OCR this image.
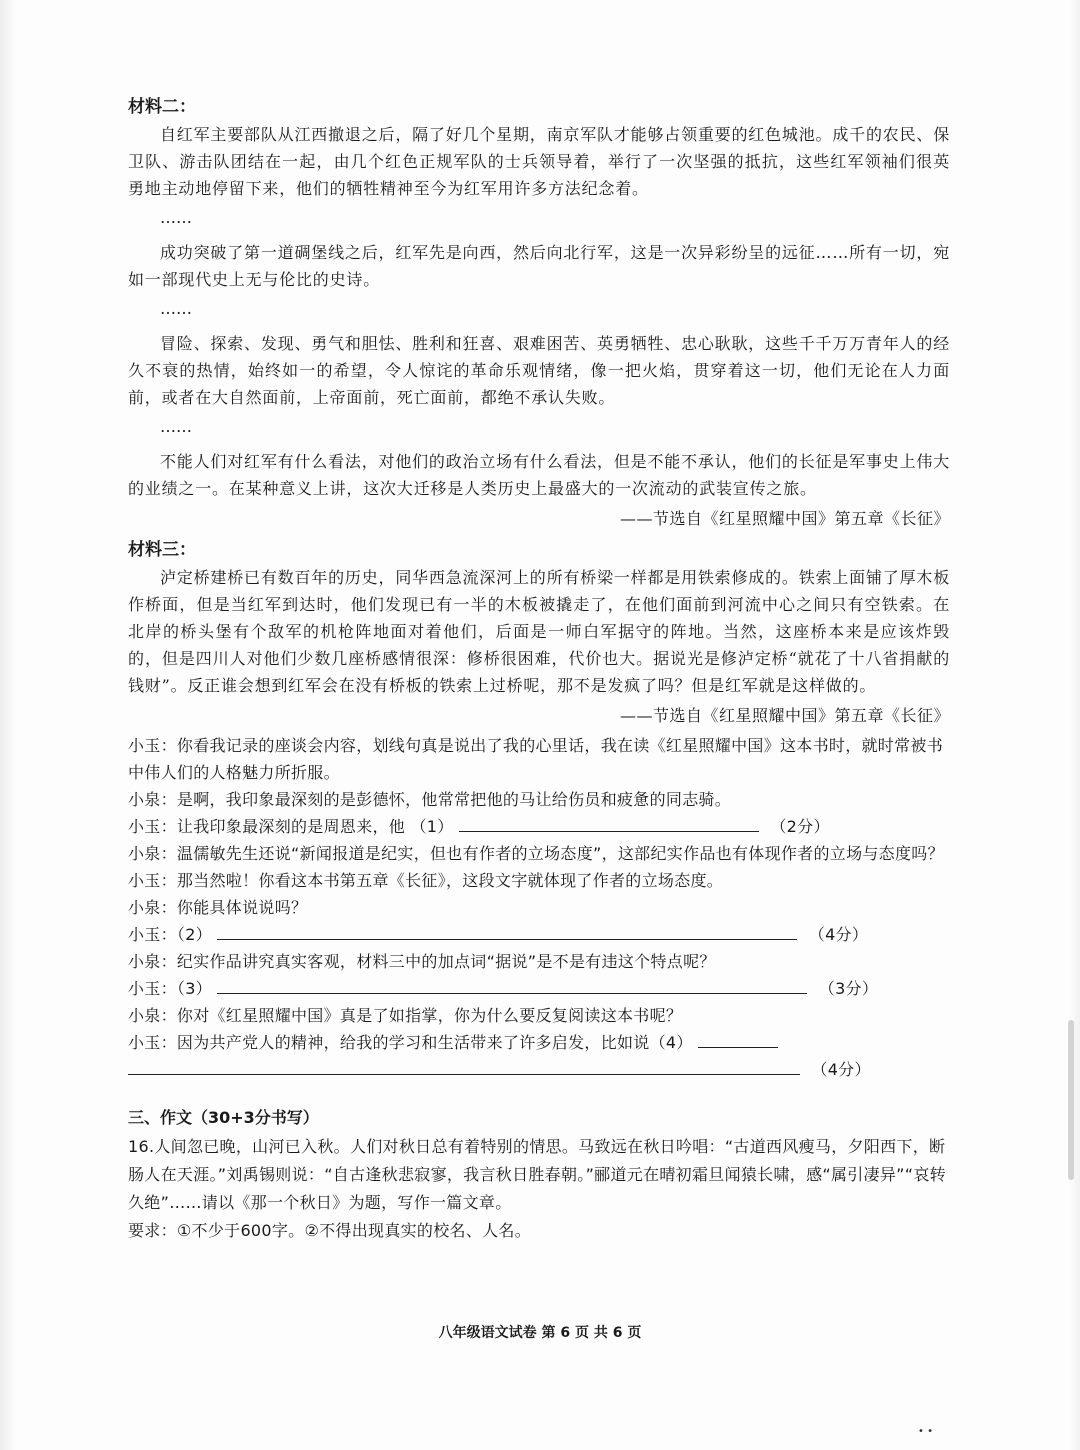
材料二：

自红军主要部队从江西撤退之后，隔了好几个星期，南京军队才能够占领重要的红色城池。成千的农民、保卫队、游击队团结在一起，由几个红色正规军队的士兵领导着，举行了一次坚强的抵抗，这些红军领袖们很英勇地主动地停留下来，他们的牺牲精神至今为红军用许多方法纪念着。

……

成功突破了第一道碉堡线之后，红军先是向西，然后向北行军，这是一次异彩纷呈的远征……所有一切，宛如一部现代史上无与伦比的史诗。

……

冒险、探索、发现、勇气和胆怯、胜利和狂喜、艰难困苦、英勇牺牲、忠心耿耿，这些千千万万青年人的经久不衰的热情，始终如一的希望，令人惊诧的革命乐观情绪，像一把火焰，贯穿着这一切，他们无论在人力面前，或者在大自然面前，上帝面前，死亡面前，都绝不承认失败。

……

不能人们对红军有什么看法，对他们的政治立场有什么看法，但是不能不承认，他们的长征是军事史上伟大的业绩之一。在某种意义上讲，这次大迁移是人类历史上最盛大的一次流动的武装宣传之旅。

——节选自《红星照耀中国》第五章《长征》
材料三：

泸定桥建桥已有数百年的历史，同华西急流深河上的所有桥梁一样都是用铁索修成的。铁索上面铺了厚木板作桥面，但是当红军到达时，他们发现已有一半的木板被撬走了，在他们面前到河流中心之间只有空铁索。在北岸的桥头堡有个敌军的机枪阵地面对着他们，后面是一师白军据守的阵地。当然，这座桥本来是应该炸毁的，但是四川人对他们少数几座桥感情很深：修桥很困难，代价也大。据说光是修泸定桥“就花了十八省捐献的钱财”。反正谁会想到红军会在没有桥板的铁索上过桥呢，那不是发疯了吗？但是红军就是这样做的。

——节选自《红星照耀中国》第五章《长征》

小玉：你看我记录的座谈会内容，划线句真是说出了我的心里话，我在读《红星照耀中国》这本书时，就时常被书中伟人们的人格魅力所折服。

小泉：是啊，我印象最深刻的是彭德怀，他常常把他的马让给伤员和疲惫的同志骑。

小玉：让我印象最深刻的是周恩来，他 （1）	（2分）

小泉：温儒敏先生还说“新闻报道是纪实，但也有作者的立场态度”，这部纪实作品也有体现作者的立场与态度吗？

小玉：那当然啦！你看这本书第五章《长征》，这段文字就体现了作者的立场态度。

小泉：你能具体说说吗？

小玉：（2）	（4分）

小泉：纪实作品讲究真实客观，材料三中的加点词“据说”是不是有违这个特点呢？

小玉：（3）	（3分）

小泉：你对《红星照耀中国》真是了如指掌，你为什么要反复阅读这本书呢？

小玉：因为共产党人的精神，给我的学习和生活带来了许多启发，比如说（4）

（4分）

三、作文（30+3分书写）

16.人间忽已晚，山河已入秋。人们对秋日总有着特别的情思。马致远在秋日吟唱：“古道西风瘦马，夕阳西下，断肠人在天涯。”刘禹锡则说：“自古逢秋悲寂寥，我言秋日胜春朝。”郦道元在晴初霜旦闻猿长啸，感“属引凄异”“哀转久绝”……请以《那一个秋日》为题，写作一篇文章。

要求：①不少于600字。②不得出现真实的校名、人名。

八年级语文试卷 第 6 页 共 6 页
• •
